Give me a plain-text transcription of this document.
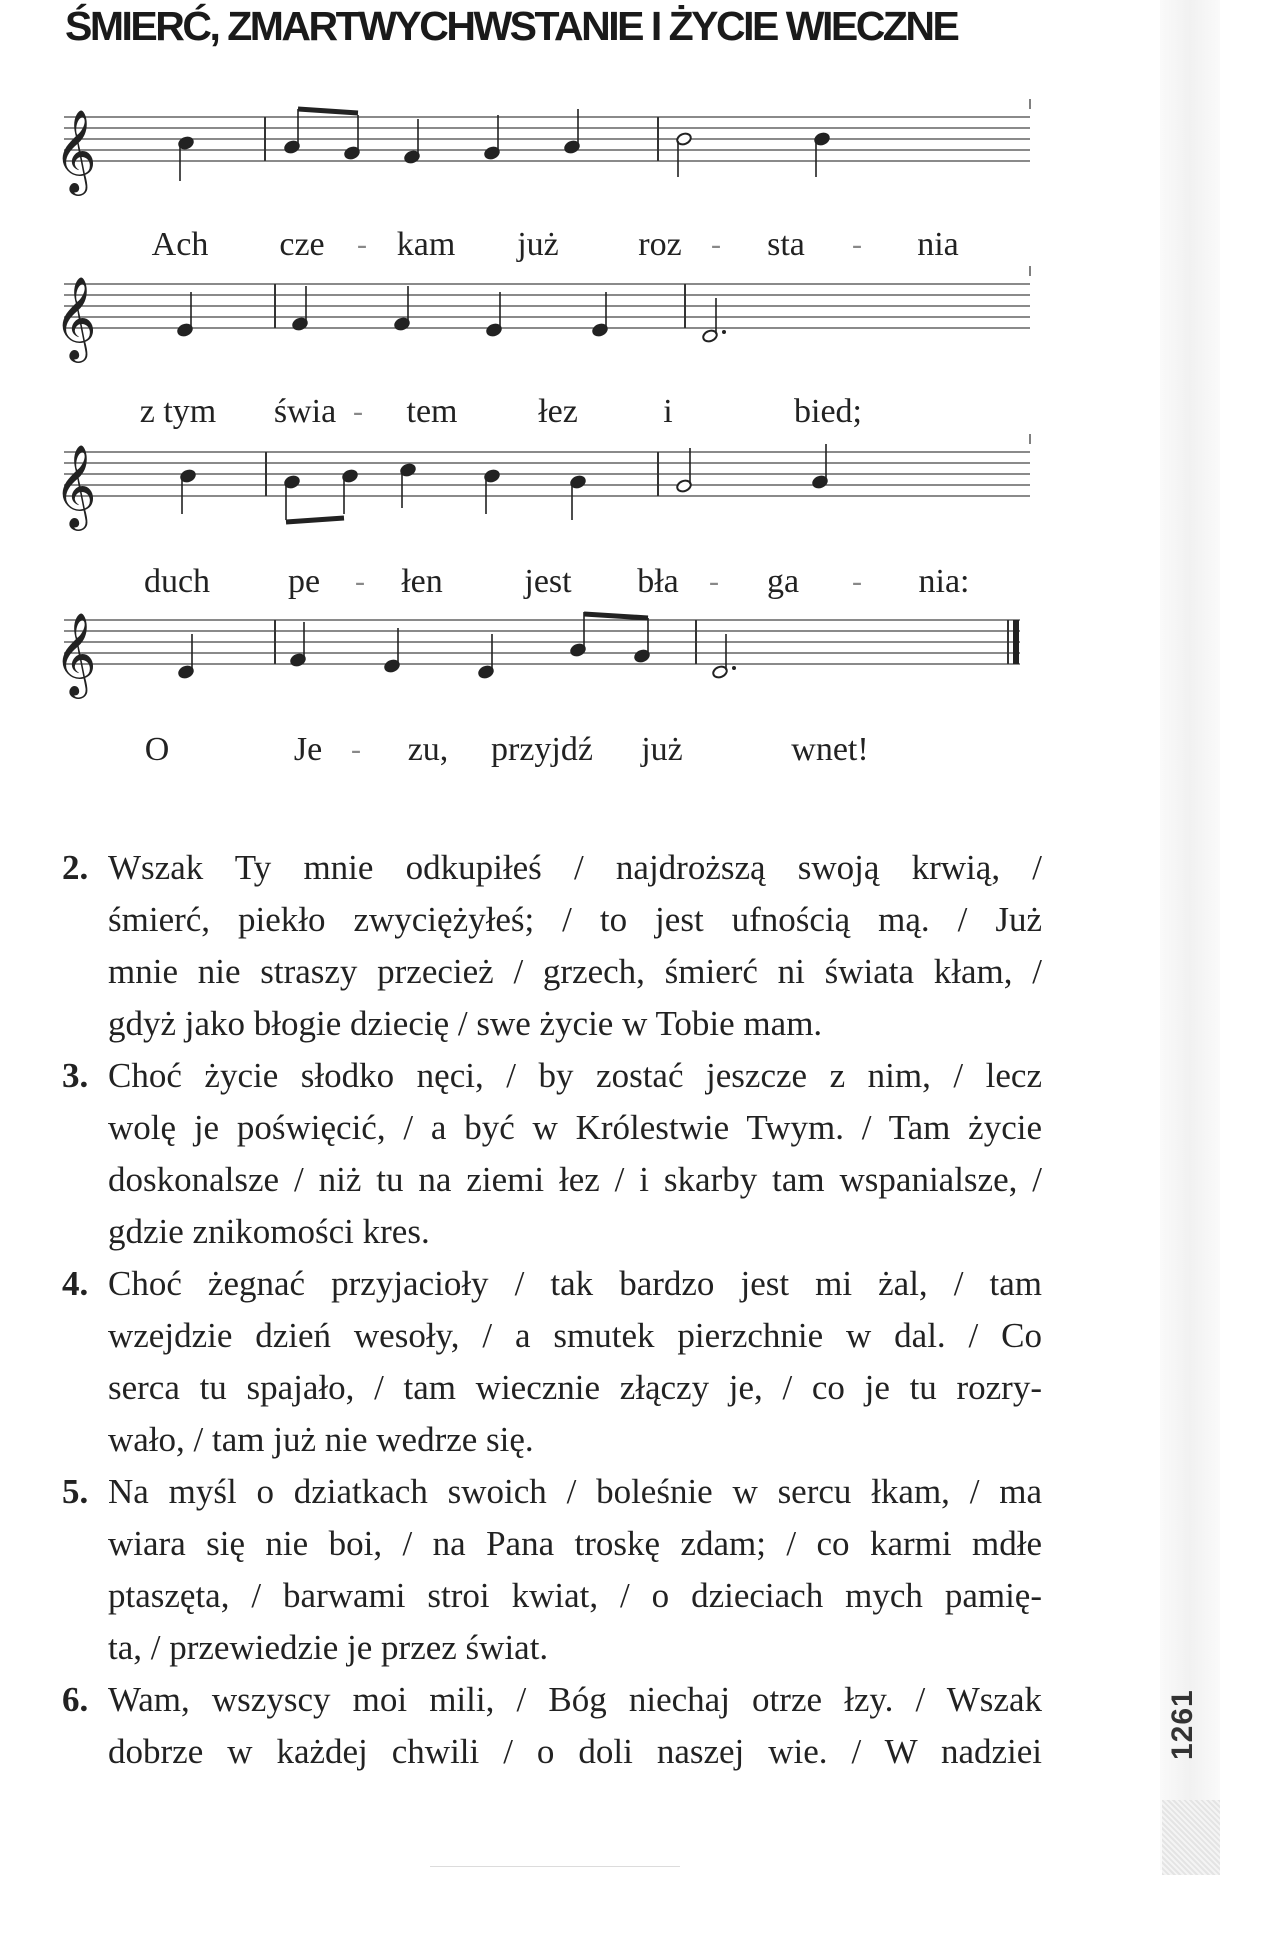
ŚMIERĆ, ZMARTWYCHWSTANIE I ŻYCIE WIECZNE
𝄞
Ach cze - kam już roz - sta - nia
𝄞
z tym świa - tem łez	i	bied;
𝄞
duch pe - łen jest bła - ga - nia:
𝄞
O	Je - zu, przyjdź już	wnet!
2. Wszak Ty mnie odkupiłeś / najdroższą swoją krwią, /
śmierć, piekło zwyciężyłeś; / to jest ufnością mą. / Już
mnie nie straszy przecież / grzech, śmierć ni świata kłam, /
gdyż jako błogie dziecię / swe życie w Tobie mam.
3. Choć życie słodko nęci, / by zostać jeszcze z nim, / lecz
wolę je poświęcić, / a być w Królestwie Twym. / Tam życie
doskonalsze / niż tu na ziemi łez / i skarby tam wspanialsze, /
gdzie znikomości kres.
4. Choć żegnać przyjacioły / tak bardzo jest mi żal, / tam
wzejdzie dzień wesoły, / a smutek pierzchnie w dal. / Co
serca tu spajało, / tam wiecznie złączy je, / co je tu rozry-
wało, / tam już nie wedrze się.
5. Na myśl o dziatkach swoich / boleśnie w sercu łkam, / ma
wiara się nie boi, / na Pana troskę zdam; / co karmi mdłe
ptaszęta, / barwami stroi kwiat, / o dzieciach mych pamię-
ta, / przewiedzie je przez świat.
6. Wam, wszyscy moi mili, / Bóg niechaj otrze łzy. / Wszak
dobrze w każdej chwili / o doli naszej wie. / W nadziei	1261
